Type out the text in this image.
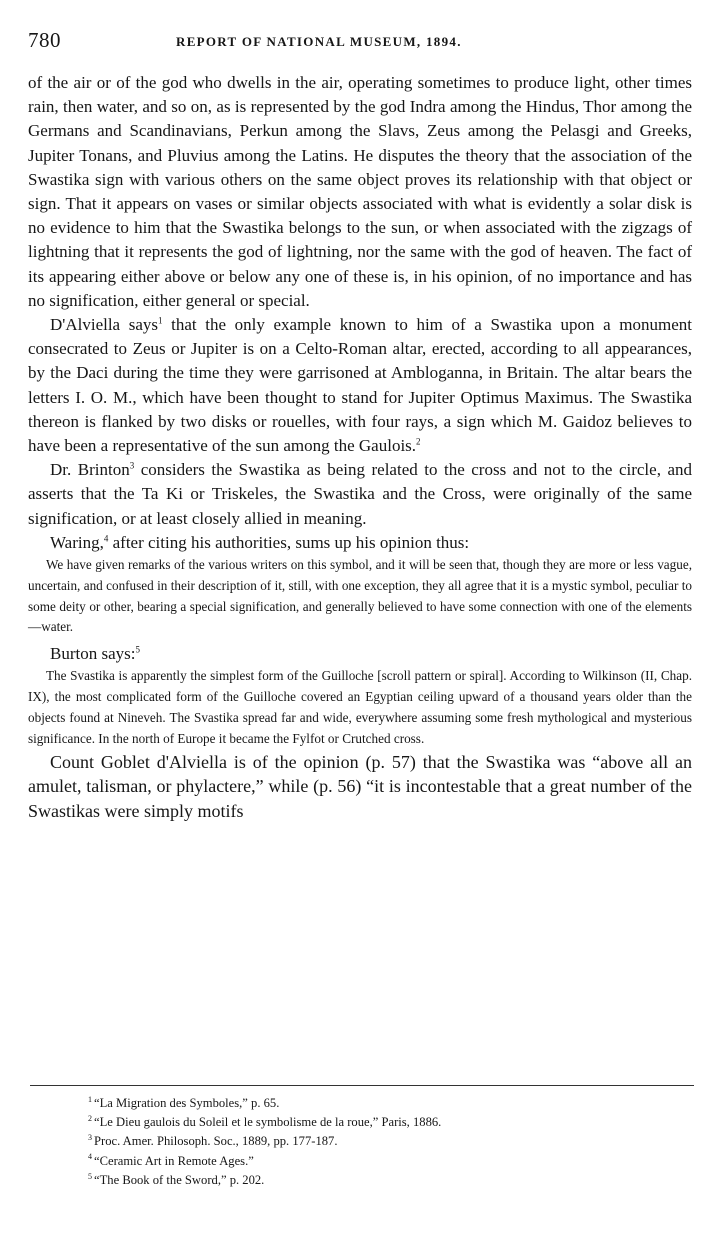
780	REPORT OF NATIONAL MUSEUM, 1894.

of the air or of the god who dwells in the air, operating sometimes to produce light, other times rain, then water, and so on, as is represented by the god Indra among the Hindus, Thor among the Germans and Scandinavians, Perkun among the Slavs, Zeus among the Pelasgi and Greeks, Jupiter Tonans, and Pluvius among the Latins. He disputes the theory that the association of the Swastika sign with various others on the same object proves its relationship with that object or sign. That it appears on vases or similar objects associated with what is evidently a solar disk is no evidence to him that the Swastika belongs to the sun, or when associated with the zigzags of lightning that it represents the god of lightning, nor the same with the god of heaven. The fact of its appearing either above or below any one of these is, in his opinion, of no importance and has no signification, either general or special.

D'Alviella says$^1$ that the only example known to him of a Swastika upon a monument consecrated to Zeus or Jupiter is on a Celto-Roman altar, erected, according to all appearances, by the Daci during the time they were garrisoned at Ambloganna, in Britain. The altar bears the letters I. O. M., which have been thought to stand for Jupiter Optimus Maximus. The Swastika thereon is flanked by two disks or rouelles, with four rays, a sign which M. Gaidoz believes to have been a representative of the sun among the Gaulois.$^2$

Dr. Brinton$^3$ considers the Swastika as being related to the cross and not to the circle, and asserts that the Ta Ki or Triskeles, the Swastika and the Cross, were originally of the same signification, or at least closely allied in meaning.

Waring,$^4$ after citing his authorities, sums up his opinion thus:

We have given remarks of the various writers on this symbol, and it will be seen that, though they are more or less vague, uncertain, and confused in their description of it, still, with one exception, they all agree that it is a mystic symbol, peculiar to some deity or other, bearing a special signification, and generally believed to have some connection with one of the elements—water.

Burton says:$^5$

The Svastika is apparently the simplest form of the Guilloche [scroll pattern or spiral]. According to Wilkinson (II, Chap. IX), the most complicated form of the Guilloche covered an Egyptian ceiling upward of a thousand years older than the objects found at Nineveh. The Svastika spread far and wide, everywhere assuming some fresh mythological and mysterious significance. In the north of Europe it became the Fylfot or Crutched cross.

Count Goblet d'Alviella is of the opinion (p. 57) that the Swastika was “above all an amulet, talisman, or phylactere,” while (p. 56) “it is incontestable that a great number of the Swastikas were simply motifs

$^1$ “La Migration des Symboles,” p. 65.
$^2$ “Le Dieu gaulois du Soleil et le symbolisme de la roue,” Paris, 1886.
$^3$ Proc. Amer. Philosoph. Soc., 1889, pp. 177-187.
$^4$ “Ceramic Art in Remote Ages.”
$^5$ “The Book of the Sword,” p. 202.
